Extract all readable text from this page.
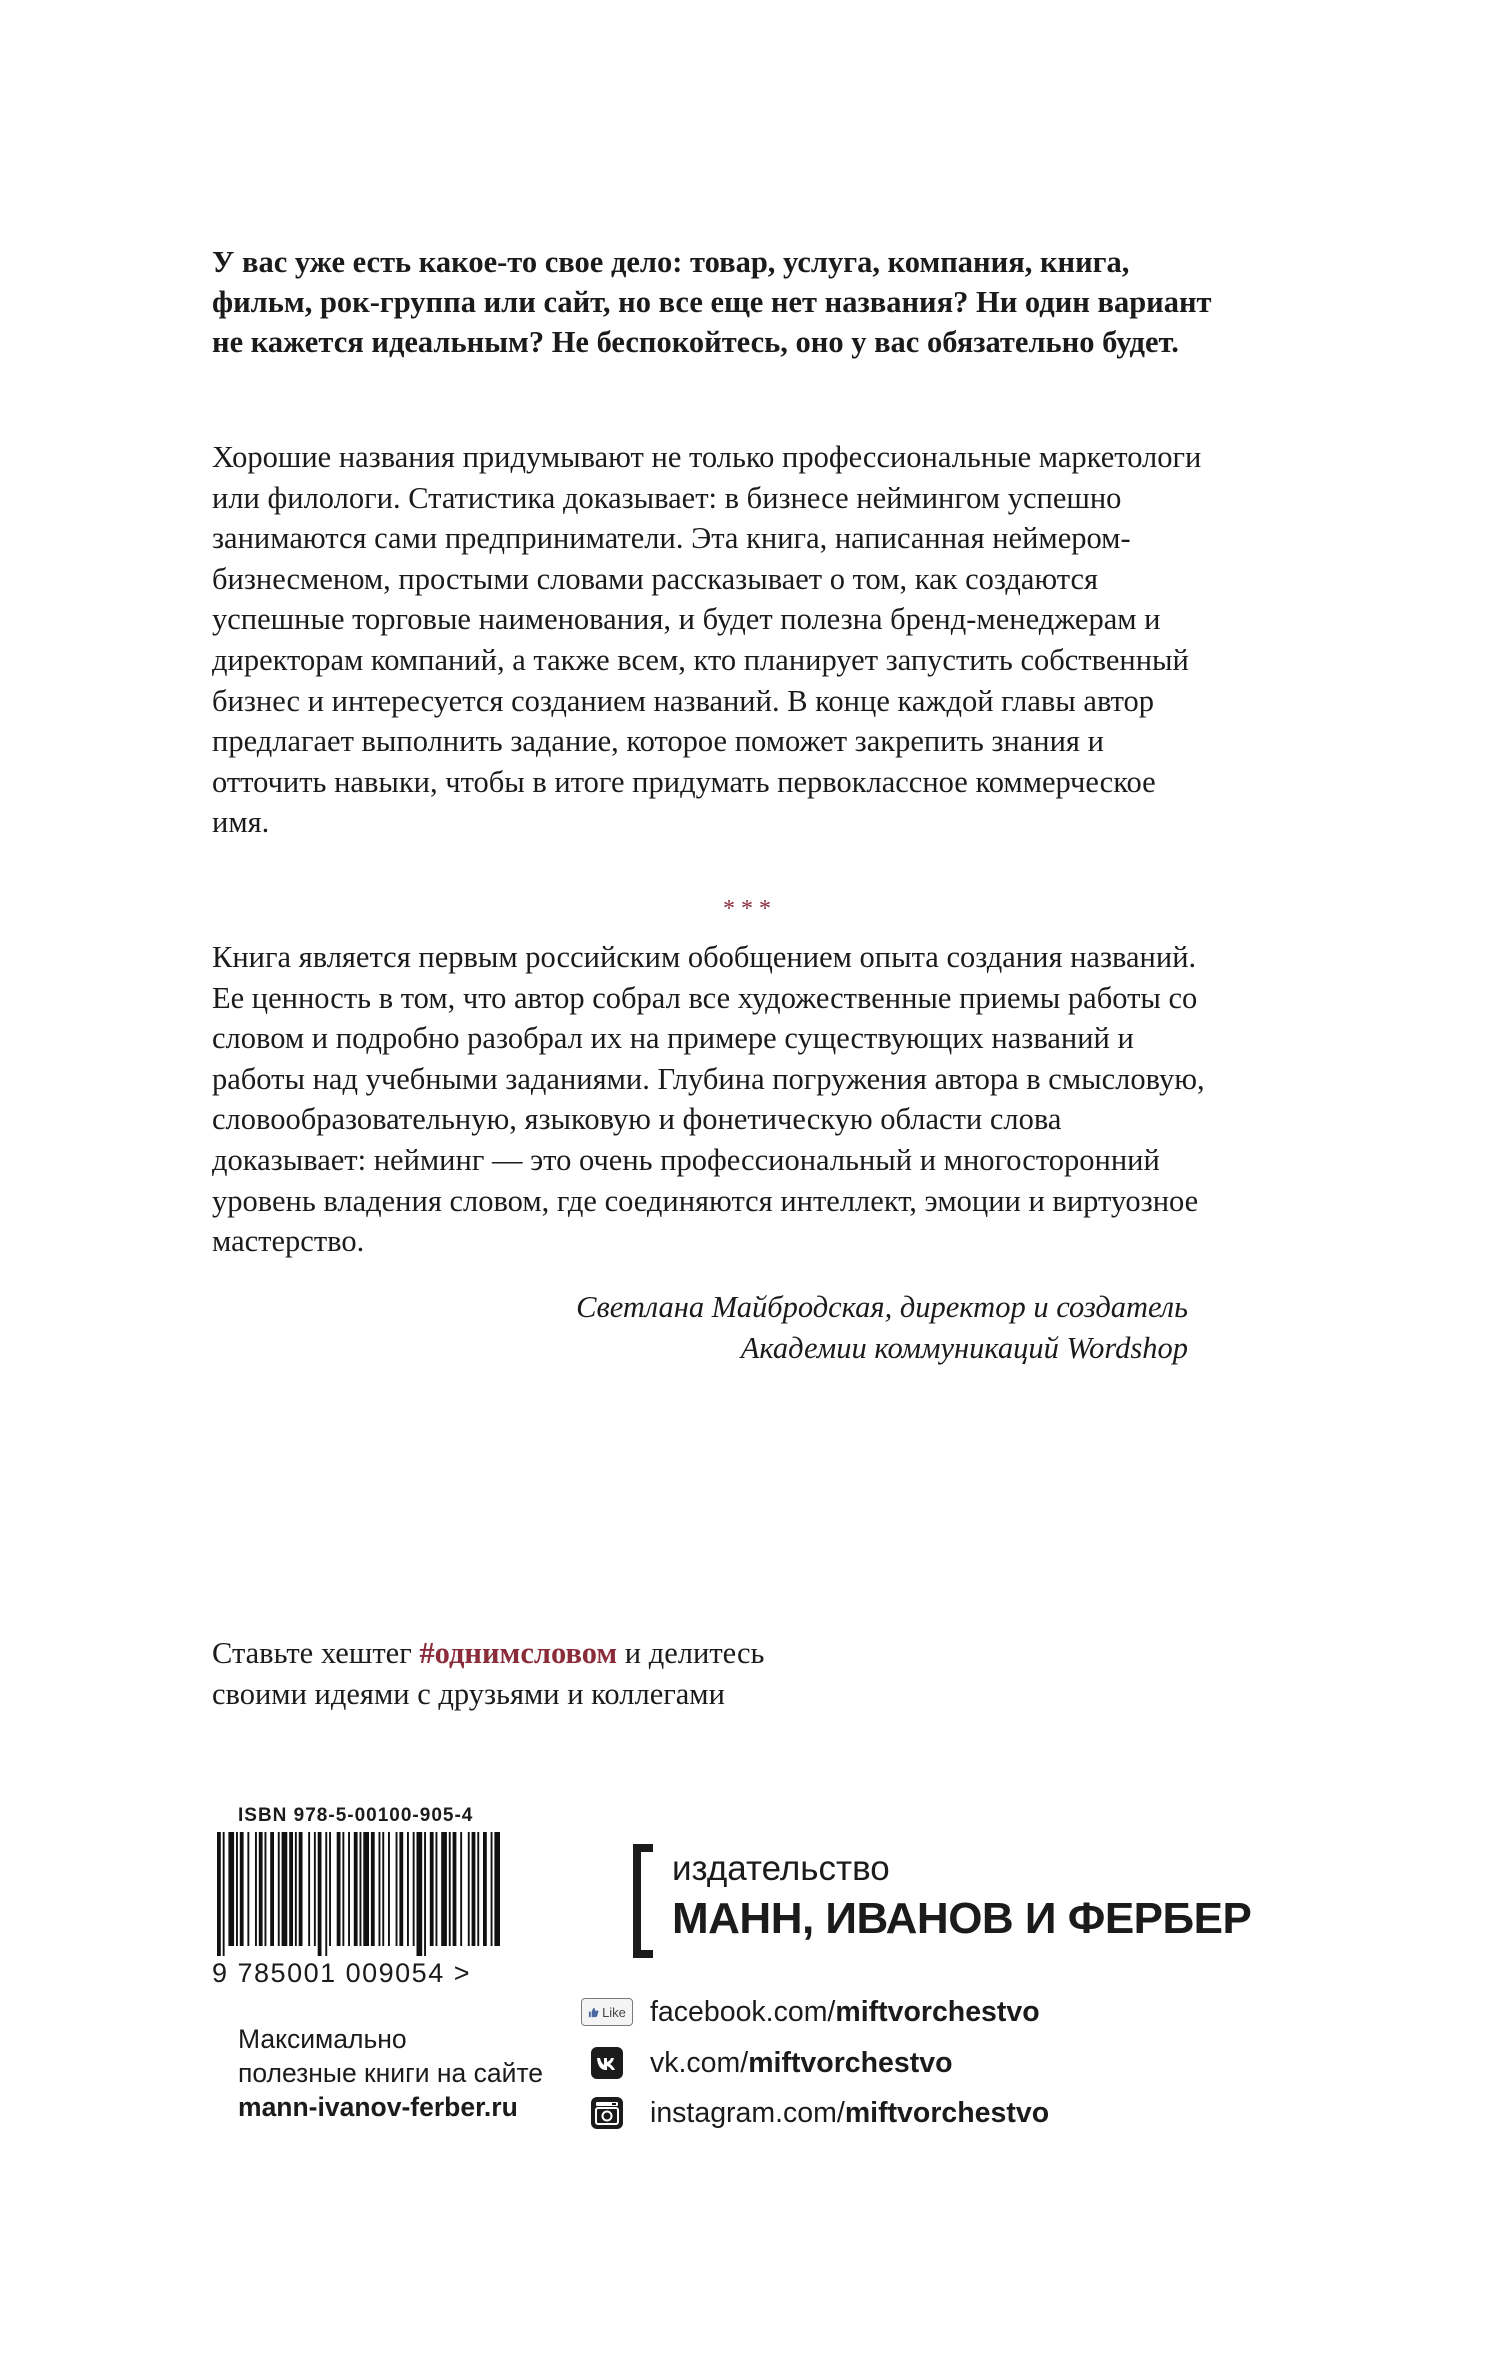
У вас уже есть какое-то свое дело: товар, услуга, компания, книга, фильм, рок-группа или сайт, но все еще нет названия? Ни один вариант не кажется идеальным? Не беспокойтесь, оно у вас обязательно будет.

Хорошие названия придумывают не только профессиональные маркетологи или филологи. Статистика доказывает: в бизнесе неймингом успешно занимаются сами предприниматели. Эта книга, написанная неймером-бизнесменом, простыми словами рассказывает о том, как создаются успешные торговые наименования, и будет полезна бренд-менеджерам и директорам компаний, а также всем, кто планирует запустить собственный бизнес и интересуется созданием названий. В конце каждой главы автор предлагает выполнить задание, которое поможет закрепить знания и отточить навыки, чтобы в итоге придумать первоклассное коммерческое имя.

***

Книга является первым российским обобщением опыта создания названий. Ее ценность в том, что автор собрал все художественные приемы работы со словом и подробно разобрал их на примере существующих названий и работы над учебными заданиями. Глубина погружения автора в смысловую, словообразовательную, языковую и фонетическую области слова доказывает: нейминг — это очень профессиональный и многосторонний уровень владения словом, где соединяются интеллект, эмоции и виртуозное мастерство.

Светлана Майбродская, директор и создатель
Академии коммуникаций Wordshop

Ставьте хештег #однимсловом и делитесь
своими идеями с друзьями и коллегами

ISBN 978-5-00100-905-4
9 785001 009054 >

Максимально
полезные книги на сайте
mann-ivanov-ferber.ru

издательство
МАНН, ИВАНОВ И ФЕРБЕР
Like facebook.com/miftvorchestvo
vk.com/miftvorchestvo
instagram.com/miftvorchestvo
